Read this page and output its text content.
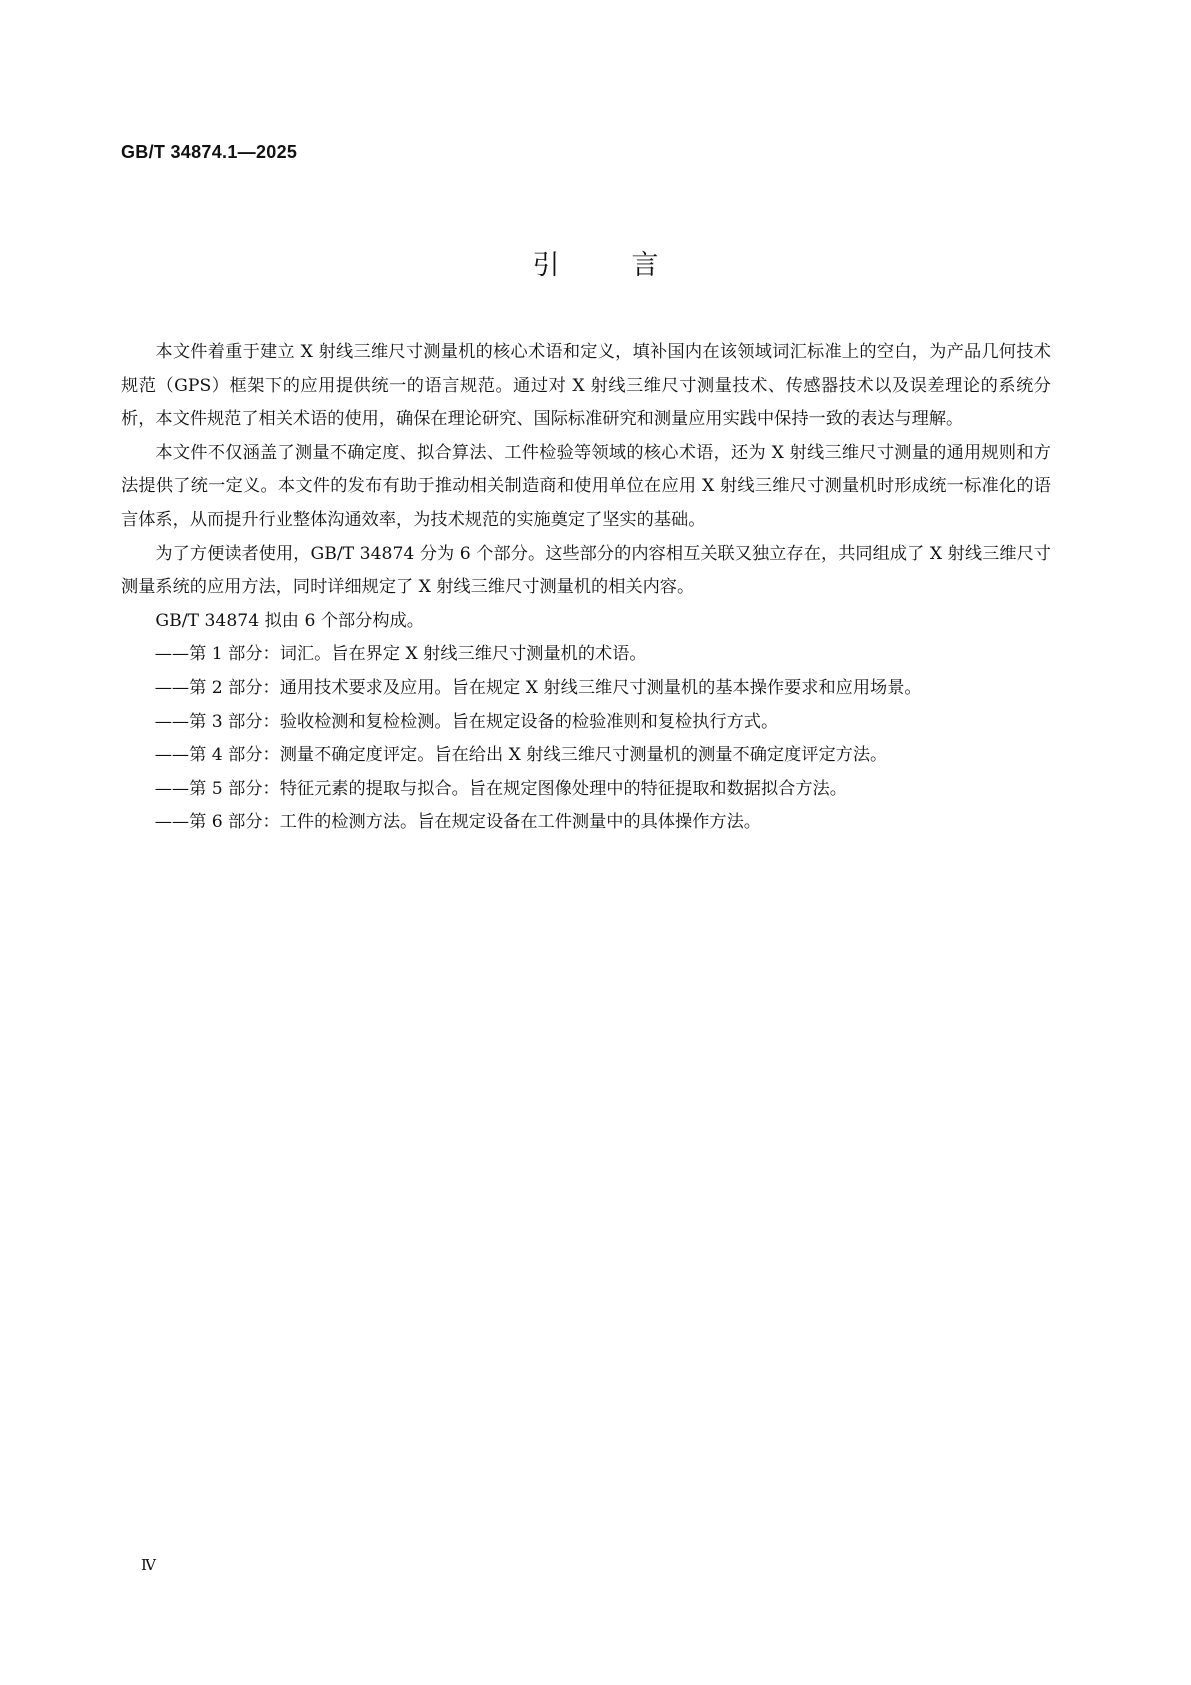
GB/T 34874.1—2025
引言

本文件着重于建立 X 射线三维尺寸测量机的核心术语和定义，填补国内在该领域词汇标准上的空白，为产品几何技术规范（GPS）框架下的应用提供统一的语言规范。通过对 X 射线三维尺寸测量技术、传感器技术以及误差理论的系统分析，本文件规范了相关术语的使用，确保在理论研究、国际标准研究和测量应用实践中保持一致的表达与理解。

本文件不仅涵盖了测量不确定度、拟合算法、工件检验等领域的核心术语，还为 X 射线三维尺寸测量的通用规则和方法提供了统一定义。本文件的发布有助于推动相关制造商和使用单位在应用 X 射线三维尺寸测量机时形成统一标准化的语言体系，从而提升行业整体沟通效率，为技术规范的实施奠定了坚实的基础。

为了方便读者使用，GB/T 34874 分为 6 个部分。这些部分的内容相互关联又独立存在，共同组成了 X 射线三维尺寸测量系统的应用方法，同时详细规定了 X 射线三维尺寸测量机的相关内容。

GB/T 34874 拟由 6 个部分构成。

——第 1 部分：词汇。旨在界定 X 射线三维尺寸测量机的术语。

——第 2 部分：通用技术要求及应用。旨在规定 X 射线三维尺寸测量机的基本操作要求和应用场景。

——第 3 部分：验收检测和复检检测。旨在规定设备的检验准则和复检执行方式。

——第 4 部分：测量不确定度评定。旨在给出 X 射线三维尺寸测量机的测量不确定度评定方法。

——第 5 部分：特征元素的提取与拟合。旨在规定图像处理中的特征提取和数据拟合方法。

——第 6 部分：工件的检测方法。旨在规定设备在工件测量中的具体操作方法。

Ⅳ
